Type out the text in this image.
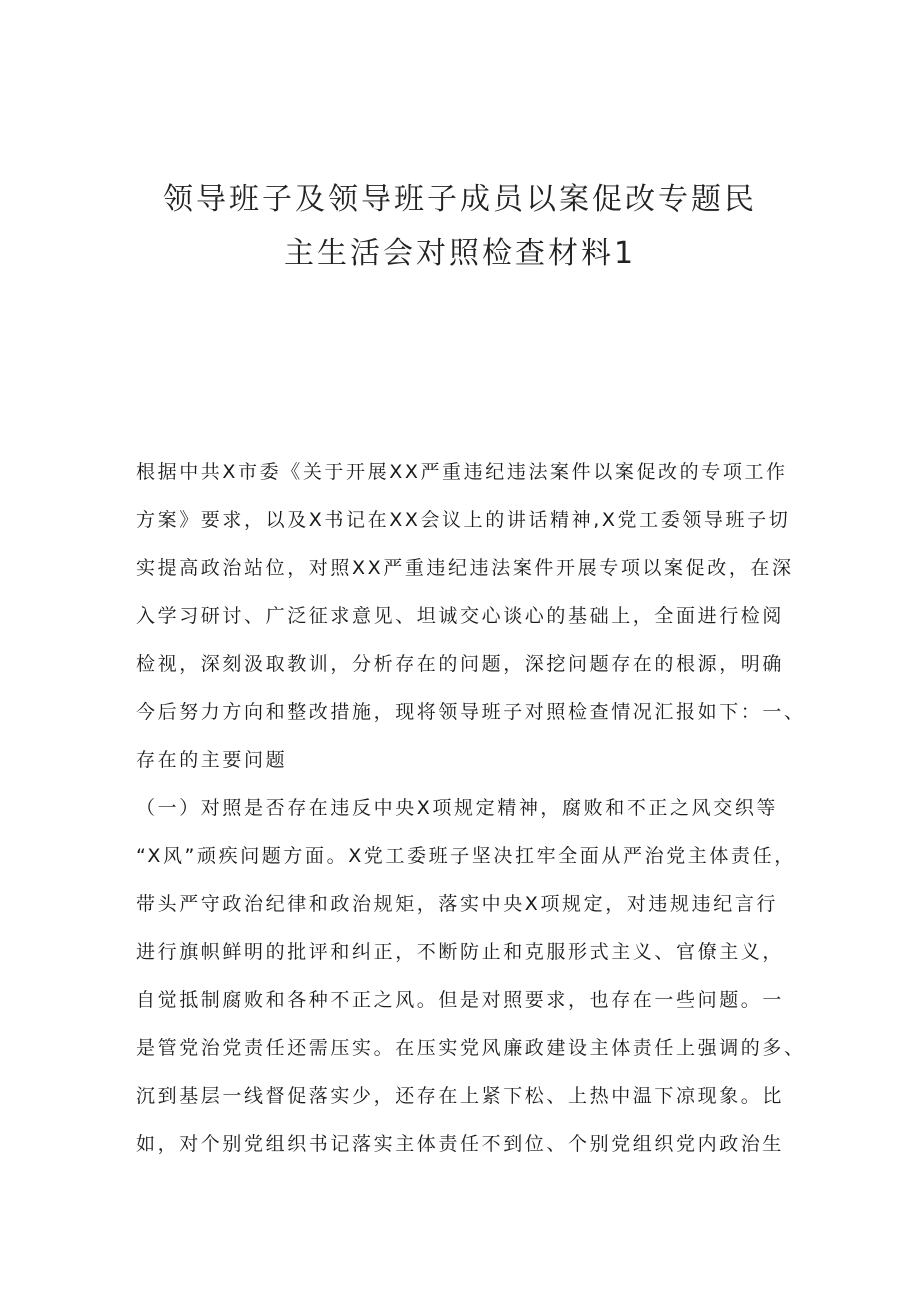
领导班子及领导班子成员以案促改专题民
主生活会对照检查材料1

根据中共X市委《关于开展XX严重违纪违法案件以案促改的专项工作

方案》要求，以及X书记在XX会议上的讲话精神,X党工委领导班子切

实提高政治站位，对照XX严重违纪违法案件开展专项以案促改，在深

入学习研讨、广泛征求意见、坦诚交心谈心的基础上，全面进行检阅

检视，深刻汲取教训，分析存在的问题，深挖问题存在的根源，明确

今后努力方向和整改措施，现将领导班子对照检查情况汇报如下：一、

存在的主要问题

（一）对照是否存在违反中央X项规定精神，腐败和不正之风交织等

“X风”顽疾问题方面。X党工委班子坚决扛牢全面从严治党主体责任，

带头严守政治纪律和政治规矩，落实中央X项规定，对违规违纪言行

进行旗帜鲜明的批评和纠正，不断防止和克服形式主义、官僚主义，

自觉抵制腐败和各种不正之风。但是对照要求，也存在一些问题。一

是管党治党责任还需压实。在压实党风廉政建设主体责任上强调的多、

沉到基层一线督促落实少，还存在上紧下松、上热中温下凉现象。比

如，对个别党组织书记落实主体责任不到位、个别党组织党内政治生
